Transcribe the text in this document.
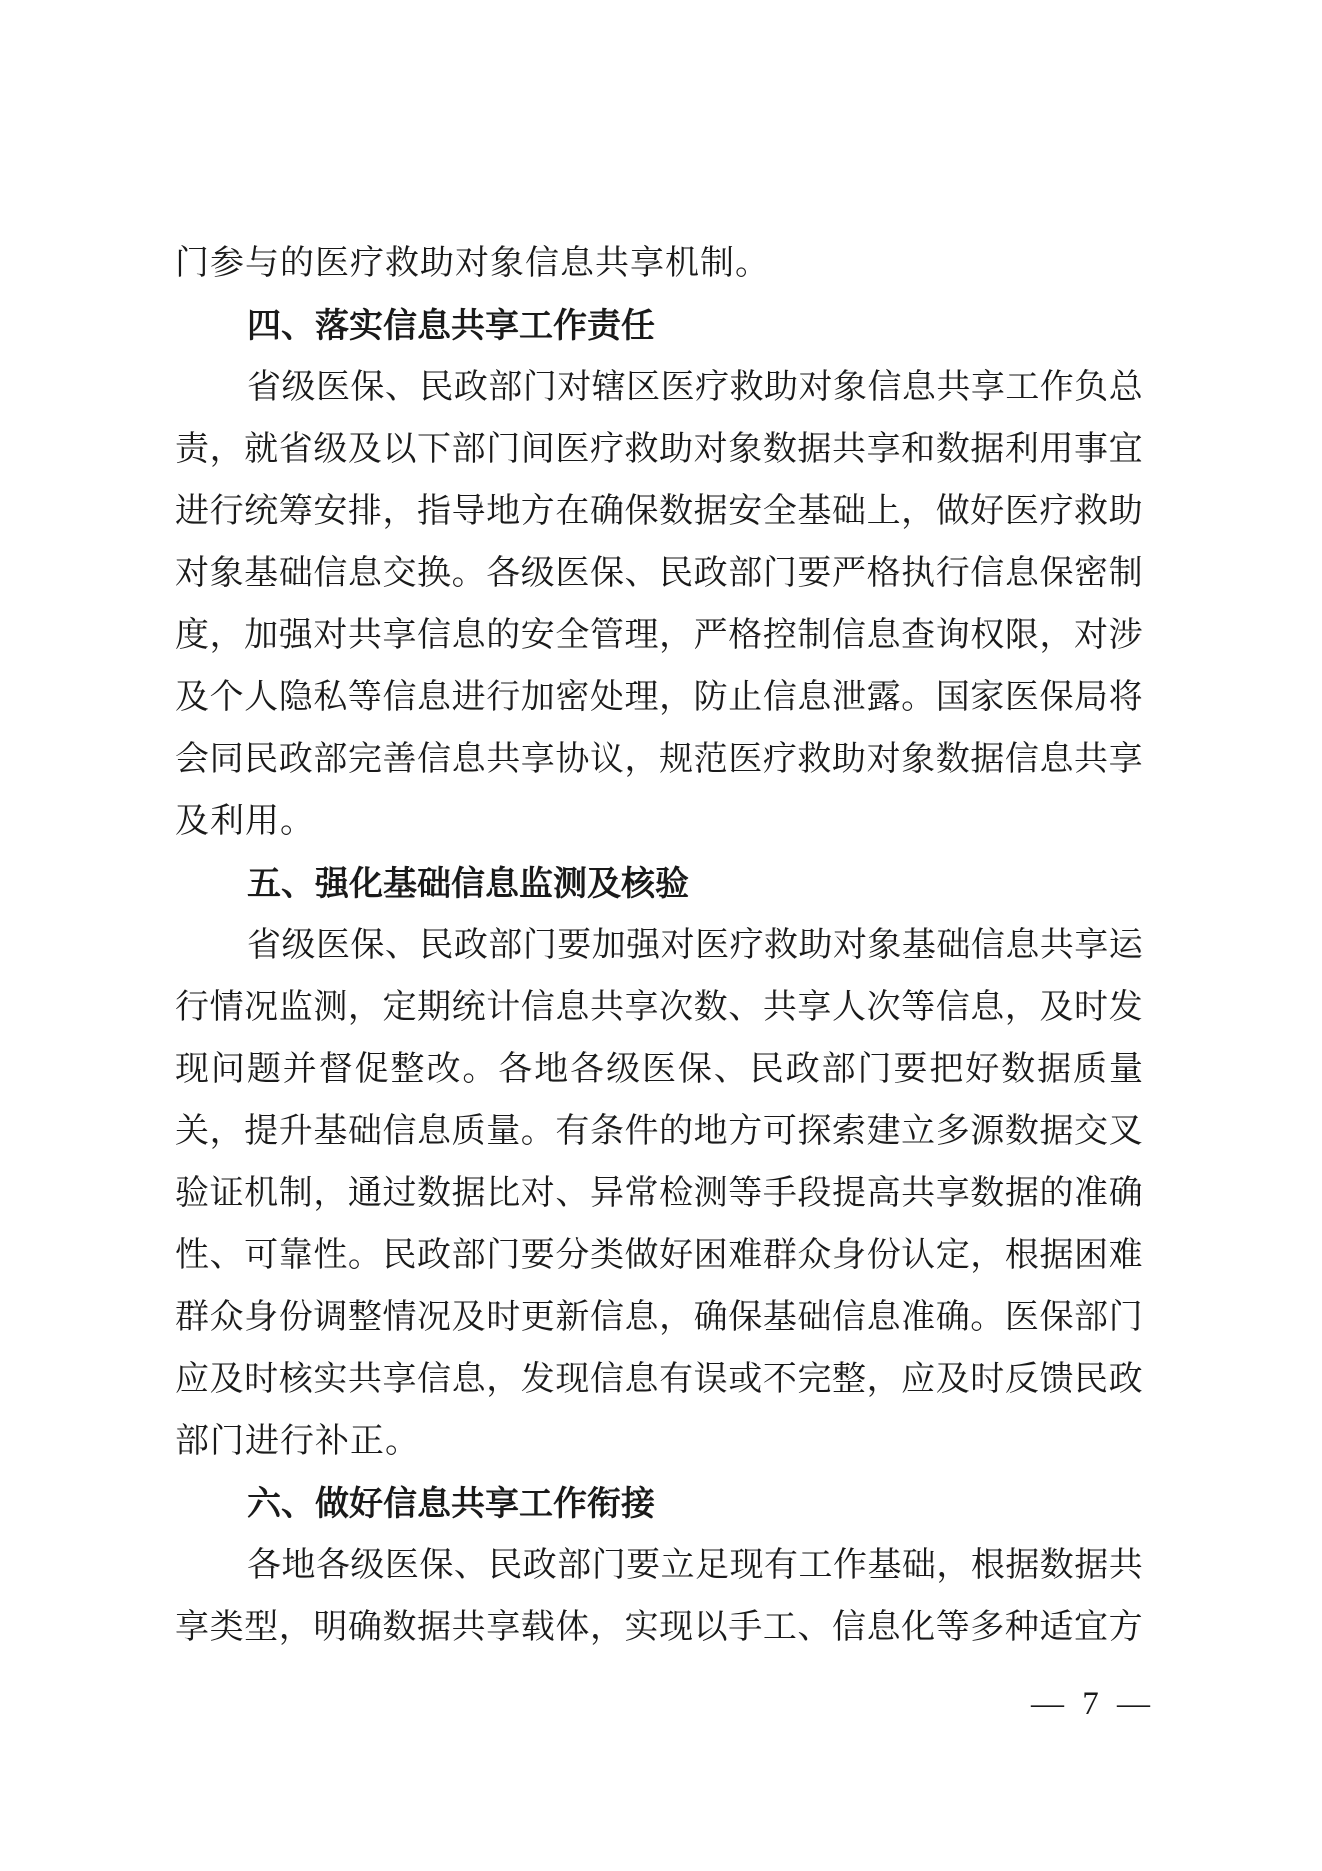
门参与的医疗救助对象信息共享机制。
四、落实信息共享工作责任
省 级 医 保 、 民 政 部 门 对 辖 区 医 疗 救 助 对 象 信 息 共 享 工 作 负 总
责 ， 就 省 级 及 以 下 部 门 间 医 疗 救 助 对 象 数 据 共 享 和 数 据 利 用 事 宜
进 行 统 筹 安 排 ， 指 导 地 方 在 确 保 数 据 安 全 基 础 上 ， 做 好 医 疗 救 助
对 象 基 础 信 息 交 换 。 各 级 医 保 、 民 政 部 门 要 严 格 执 行 信 息 保 密 制
度 ， 加 强 对 共 享 信 息 的 安 全 管 理 ， 严 格 控 制 信 息 查 询 权 限 ， 对 涉
及 个 人 隐 私 等 信 息 进 行 加 密 处 理 ， 防 止 信 息 泄 露 。 国 家 医 保 局 将
会 同 民 政 部 完 善 信 息 共 享 协 议 ， 规 范 医 疗 救 助 对 象 数 据 信 息 共 享
及利用。
五、强化基础信息监测及核验
省 级 医 保 、 民 政 部 门 要 加 强 对 医 疗 救 助 对 象 基 础 信 息 共 享 运
行 情 况 监 测 ， 定 期 统 计 信 息 共 享 次 数 、 共 享 人 次 等 信 息 ， 及 时 发
现 问 题 并 督 促 整 改 。 各 地 各 级 医 保 、 民 政 部 门 要 把 好 数 据 质 量
关 ， 提 升 基 础 信 息 质 量 。 有 条 件 的 地 方 可 探 索 建 立 多 源 数 据 交 叉
验 证 机 制 ， 通 过 数 据 比 对 、 异 常 检 测 等 手 段 提 高 共 享 数 据 的 准 确
性 、 可 靠 性 。 民 政 部 门 要 分 类 做 好 困 难 群 众 身 份 认 定 ， 根 据 困 难
群 众 身 份 调 整 情 况 及 时 更 新 信 息 ， 确 保 基 础 信 息 准 确 。 医 保 部 门
应 及 时 核 实 共 享 信 息 ， 发 现 信 息 有 误 或 不 完 整 ， 应 及 时 反 馈 民 政
部门进行补正。
六、做好信息共享工作衔接
各 地 各 级 医 保 、 民 政 部 门 要 立 足 现 有 工 作 基 础 ， 根 据 数 据 共
享 类 型 ， 明 确 数 据 共 享 载 体 ， 实 现 以 手 工 、 信 息 化 等 多 种 适 宜 方
— 7 —
